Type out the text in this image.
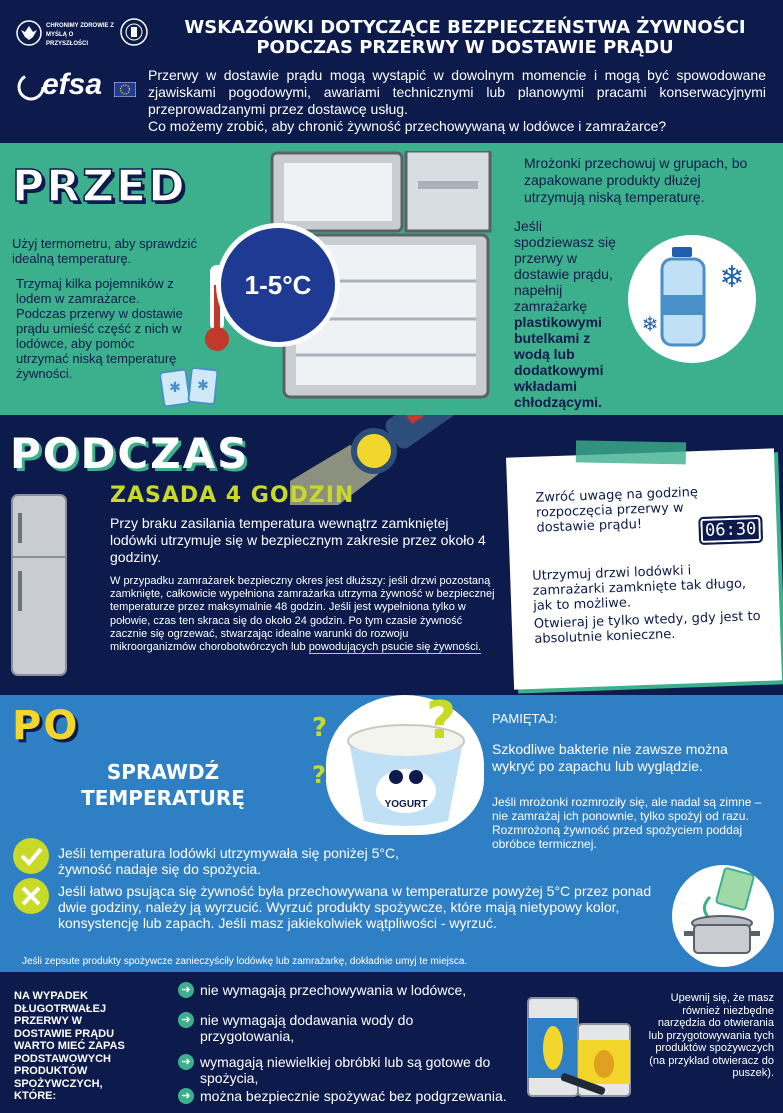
CHRONIMY ZDROWIE Z MYŚLĄ O PRZYSZŁOŚCI
WSKAZÓWKI DOTYCZĄCE BEZPIECZEŃSTWA ŻYWNOŚCI
PODCZAS PRZERWY W DOSTAWIE PRĄDU
efsa	Przerwy w dostawie prądu mogą wystąpić w dowolnym momencie i mogą być spowodowane zjawiskami pogodowymi, awariami technicznymi lub planowymi pracami konserwacyjnymi przeprowadzanymi przez dostawcę usług.
Co możemy zrobić, aby chronić żywność przechowywaną w lodówce i zamrażarce?
PRZED
Użyj termometru, aby sprawdzić idealną temperaturę.
Trzymaj kilka pojemników z lodem w zamrażarce. Podczas przerwy w dostawie prądu umieść część z nich w lodówce, aby pomóc utrzymać niską temperaturę żywności.
✱ ✱
1-5°C
Mrożonki przechowuj w grupach, bo zapakowane produkty dłużej utrzymują niską temperaturę.
Jeśli spodziewasz się przerwy w dostawie prądu, napełnij zamrażarkę plastikowymi butelkami z wodą lub dodatkowymi wkładami chłodzącymi.
❄
❄
PODCZAS
ZASADA 4 GODZIN
Przy braku zasilania temperatura wewnątrz zamkniętej lodówki utrzymuje się w bezpiecznym zakresie przez około 4 godziny.
W przypadku zamrażarek bezpieczny okres jest dłuższy: jeśli drzwi pozostaną zamknięte, całkowicie wypełniona zamrażarka utrzyma żywność w bezpiecznej temperaturze przez maksymalnie 48 godzin. Jeśli jest wypełniona tylko w połowie, czas ten skraca się do około 24 godzin. Po tym czasie żywność zacznie się ogrzewać, stwarzając idealne warunki do rozwoju mikroorganizmów chorobotwórczych lub powodujących psucie się żywności.
Zwróć uwagę na godzinę rozpoczęcia przerwy w dostawie prądu!	06:30
Utrzymuj drzwi lodówki i zamrażarki zamknięte tak długo, jak to możliwe.
Otwieraj je tylko wtedy, gdy jest to absolutnie konieczne.
PO
SPRAWDŹ
TEMPERATURĘ	YOGURT
?
?
?	PAMIĘTAJ:
Szkodliwe bakterie nie zawsze można wykryć po zapachu lub wyglądzie.
Jeśli mrożonki rozmroziły się, ale nadal są zimne – nie zamrażaj ich ponownie, tylko spożyj od razu. Rozmrożoną żywność przed spożyciem poddaj obróbce termicznej.
Jeśli temperatura lodówki utrzymywała się poniżej 5°C, żywność nadaje się do spożycia.
Jeśli łatwo psująca się żywność była przechowywana w temperaturze powyżej 5°C przez ponad dwie godziny, należy ją wyrzucić. Wyrzuć produkty spożywcze, które mają nietypowy kolor, konsystencję lub zapach. Jeśli masz jakiekolwiek wątpliwości - wyrzuć.
Jeśli zepsute produkty spożywcze zanieczyściły lodówkę lub zamrażarkę, dokładnie umyj te miejsca.
NA WYPADEK DŁUGOTRWAŁEJ PRZERWY W DOSTAWIE PRĄDU WARTO MIEĆ ZAPAS PODSTAWOWYCH PRODUKTÓW SPOŻYWCZYCH, KTÓRE:
➜ nie wymagają przechowywania w lodówce,
➜ nie wymagają dodawania wody do przygotowania,
➜ wymagają niewielkiej obróbki lub są gotowe do spożycia,
➜ można bezpiecznie spożywać bez podgrzewania.
Upewnij się, że masz również niezbędne narzędzia do otwierania lub przygotowywania tych produktów spożywczych (na przykład otwieracz do puszek).
